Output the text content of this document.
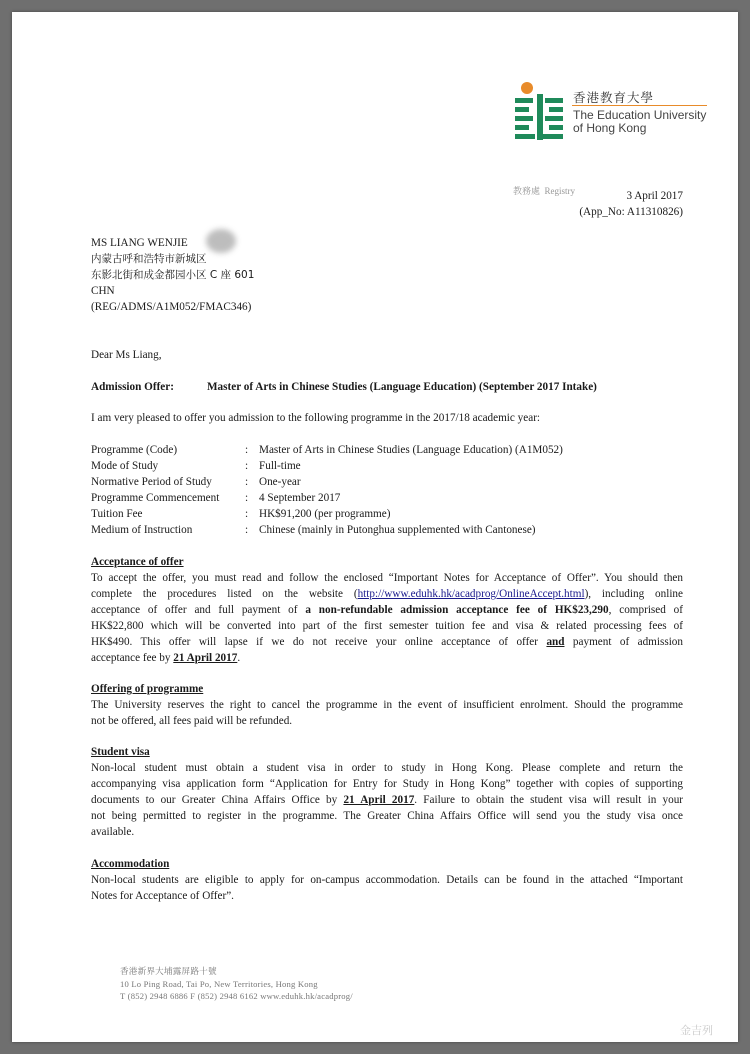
香港教育大學
The Education University
of Hong Kong
教務處 Registry	3 April 2017
(App_No: A11310826)
MS LIANG WENJIE
内蒙古呼和浩特市新城区
东影北街和成金都园小区 C 座 601
CHN
(REG/ADMS/A1M052/FMAC346)
Dear Ms Liang,
Admission Offer:	Master of Arts in Chinese Studies (Language Education) (September 2017 Intake)
I am very pleased to offer you admission to the following programme in the 2017/18 academic year:
Programme (Code)	: Master of Arts in Chinese Studies (Language Education) (A1M052)
Mode of Study	: Full-time
Normative Period of Study	: One-year
Programme Commencement : 4 September 2017
Tuition Fee	: HK$91,200 (per programme)
Medium of Instruction	: Chinese (mainly in Putonghua supplemented with Cantonese)
Acceptance of offer
To accept the offer, you must read and follow the enclosed “Important Notes for Acceptance of Offer”. You should then
complete the procedures listed on the website (http://www.eduhk.hk/acadprog/OnlineAccept.html), including online
acceptance of offer and full payment of a non-refundable admission acceptance fee of HK$23,290, comprised of
HK$22,800 which will be converted into part of the first semester tuition fee and visa & related processing fees of
HK$490. This offer will lapse if we do not receive your online acceptance of offer and payment of admission
acceptance fee by 21 April 2017.
Offering of programme
The University reserves the right to cancel the programme in the event of insufficient enrolment. Should the programme
not be offered, all fees paid will be refunded.
Student visa
Non-local student must obtain a student visa in order to study in Hong Kong. Please complete and return the
accompanying visa application form “Application for Entry for Study in Hong Kong” together with copies of supporting
documents to our Greater China Affairs Office by 21 April 2017. Failure to obtain the student visa will result in your
not being permitted to register in the programme. The Greater China Affairs Office will send you the study visa once
available.
Accommodation
Non-local students are eligible to apply for on-campus accommodation. Details can be found in the attached “Important
Notes for Acceptance of Offer”.
香港新界大埔露屏路十號
10 Lo Ping Road, Tai Po, New Territories, Hong Kong
T (852) 2948 6886 F (852) 2948 6162 www.eduhk.hk/acadprog/
金吉列
